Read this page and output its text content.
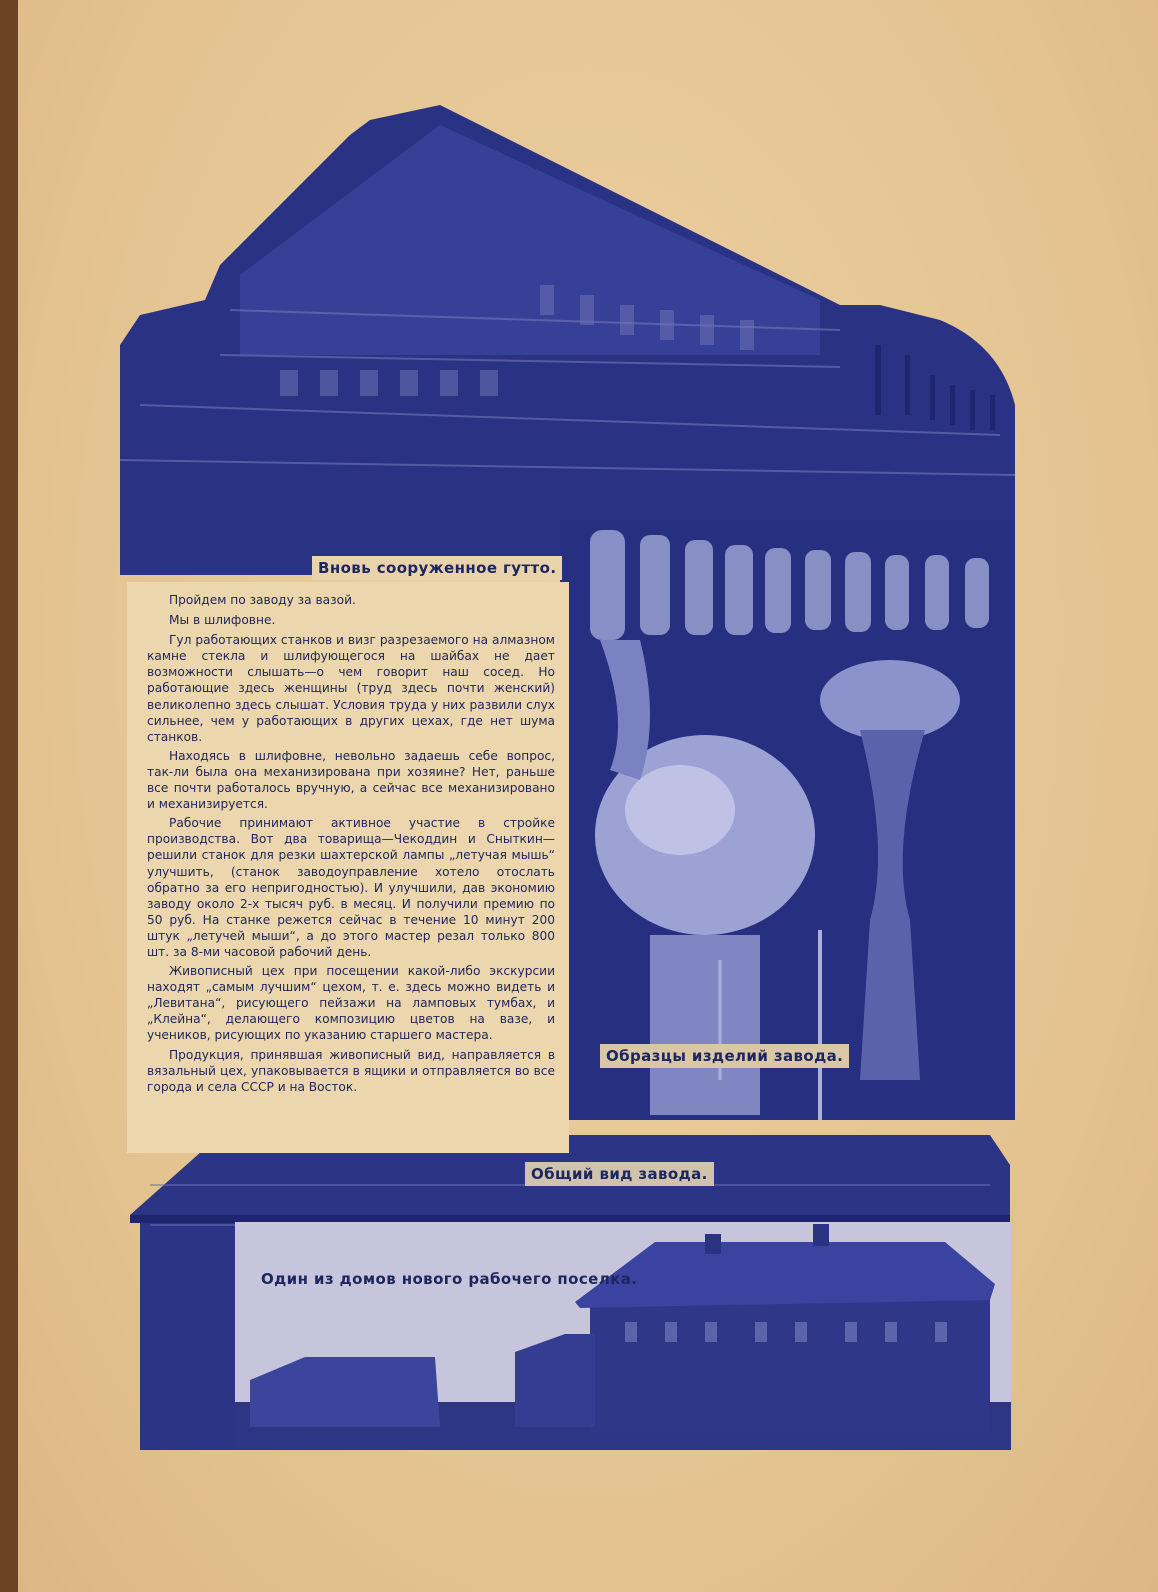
Пройдем по заводу за вазой.

Мы в шлифовне.

Гул работающих станков и визг разрезаемого на алмазном камне стекла и шлифующегося на шайбах не дает возможности слышать—о чем говорит наш сосед. Но работающие здесь женщины (труд здесь почти женский) великолепно здесь слышат. Условия труда у них развили слух сильнее, чем у работающих в других цехах, где нет шума станков.

Находясь в шлифовне, невольно задаешь себе вопрос, так-ли была она механизирована при хозяине? Нет, раньше все почти работалось вручную, а сейчас все механизировано и механизируется.

Рабочие принимают активное участие в стройке производства. Вот два товарища—Чекоддин и Сныткин—решили станок для резки шахтерской лампы „летучая мышь“ улучшить, (станок заводоуправление хотело отослать обратно за его непригодностью). И улучшили, дав экономию заводу около 2-х тысяч руб. в месяц. И получили премию по 50 руб. На станке режется сейчас в течение 10 минут 200 штук „летучей мыши“, а до этого мастер резал только 800 шт. за 8-ми часовой рабочий день.

Живописный цех при посещении какой-либо экскурсии находят „самым лучшим“ цехом, т. е. здесь можно видеть и „Левитана“, рисующего пейзажи на ламповых тумбах, и „Клейна“, делающего композицию цветов на вазе, и учеников, рисующих по указанию старшего мастера.

Продукция, принявшая живописный вид, направляется в вязальный цех, упаковывается в ящики и отправляется во все города и села СССР и на Восток.

Вновь сооруженное гутто.
Образцы изделий завода.
Общий вид завода.
Один из домов нового рабочего поселка.
